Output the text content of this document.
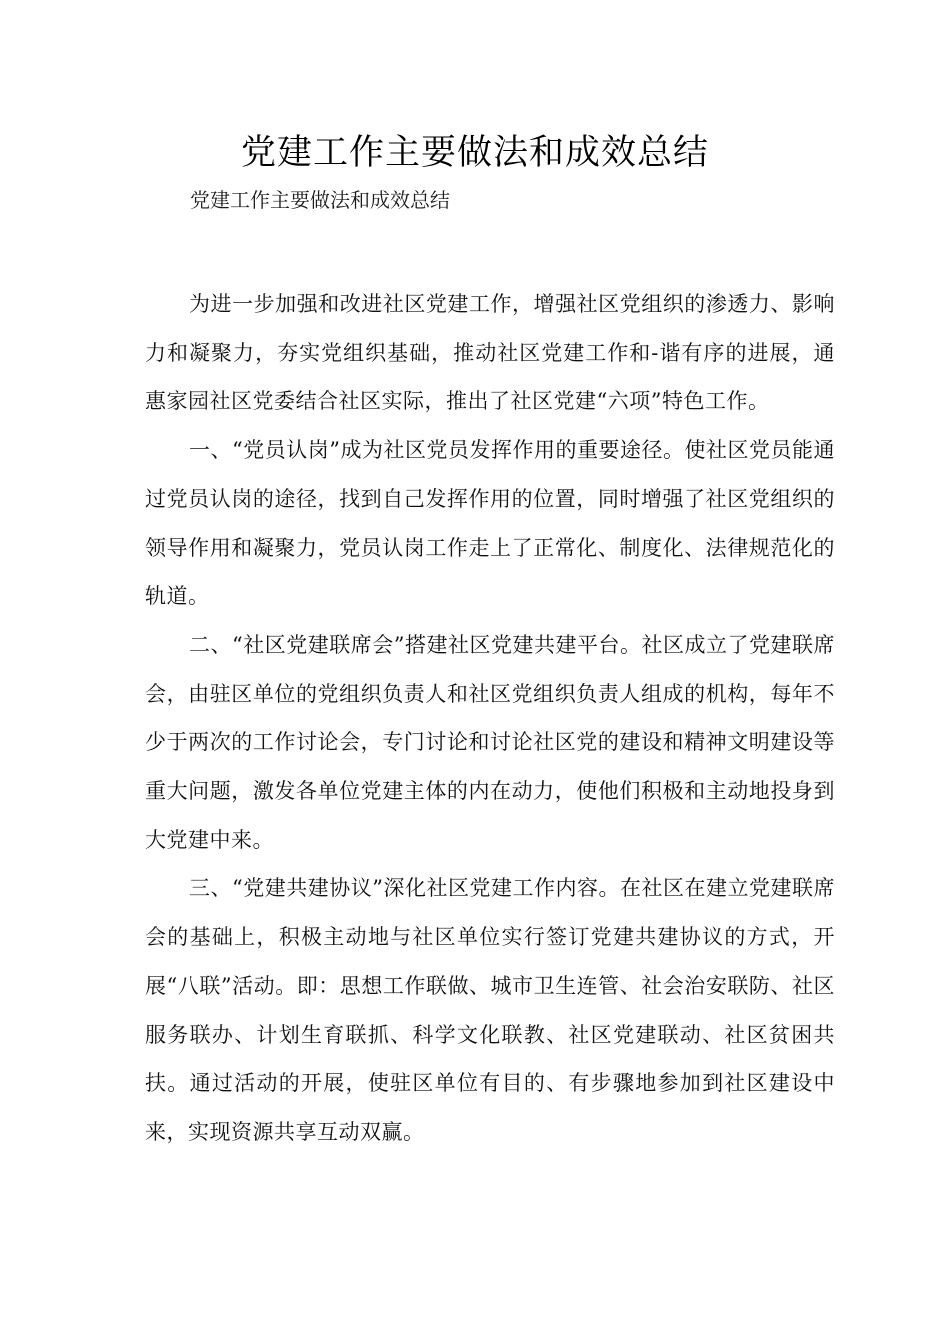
党建工作主要做法和成效总结

党建工作主要做法和成效总结

为进一步加强和改进社区党建工作，增强社区党组织的渗透力、影响力和凝聚力，夯实党组织基础，推动社区党建工作和-谐有序的进展，通惠家园社区党委结合社区实际，推出了社区党建“六项”特色工作。

一、“党员认岗”成为社区党员发挥作用的重要途径。使社区党员能通过党员认岗的途径，找到自己发挥作用的位置，同时增强了社区党组织的领导作用和凝聚力，党员认岗工作走上了正常化、制度化、法律规范化的轨道。

二、“社区党建联席会”搭建社区党建共建平台。社区成立了党建联席会，由驻区单位的党组织负责人和社区党组织负责人组成的机构，每年不少于两次的工作讨论会，专门讨论和讨论社区党的建设和精神文明建设等重大问题，激发各单位党建主体的内在动力，使他们积极和主动地投身到大党建中来。

三、“党建共建协议”深化社区党建工作内容。在社区在建立党建联席会的基础上，积极主动地与社区单位实行签订党建共建协议的方式，开展“八联”活动。即：思想工作联做、城市卫生连管、社会治安联防、社区服务联办、计划生育联抓、科学文化联教、社区党建联动、社区贫困共扶。通过活动的开展，使驻区单位有目的、有步骤地参加到社区建设中来，实现资源共享互动双赢。
